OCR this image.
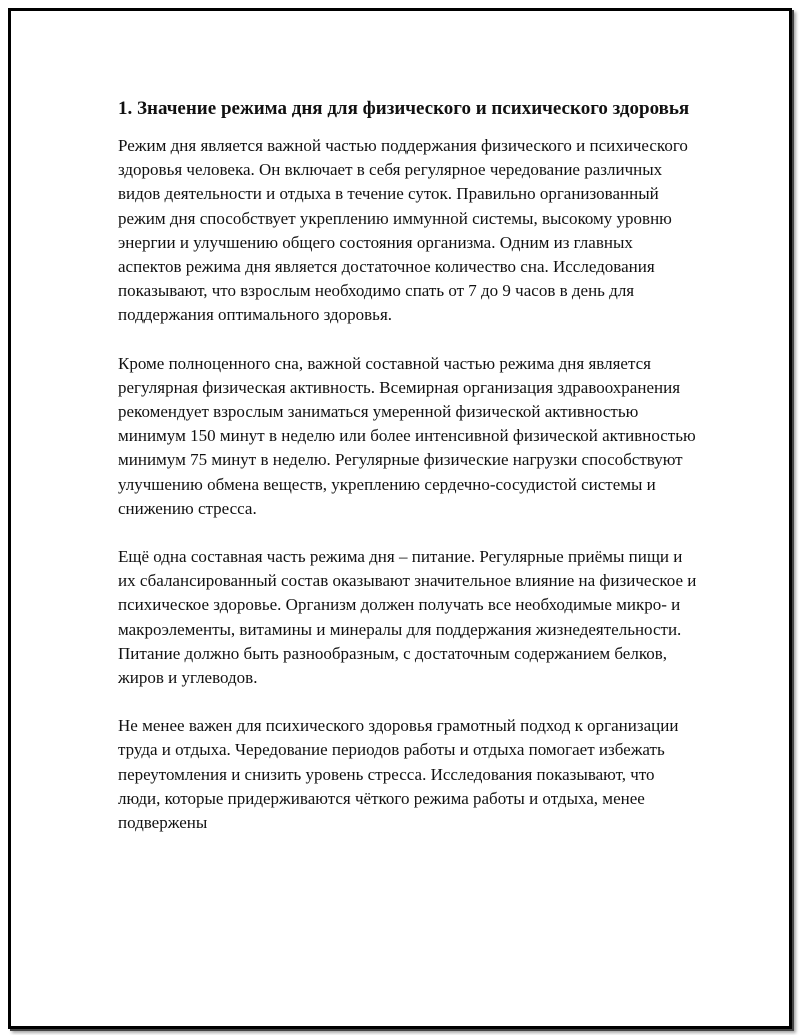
1. Значение режима дня для физического и психического здоровья

Режим дня является важной частью поддержания физического и психического здоровья человека. Он включает в себя регулярное чередование различных видов деятельности и отдыха в течение суток. Правильно организованный режим дня способствует укреплению иммунной системы, высокому уровню энергии и улучшению общего состояния организма. Одним из главных аспектов режима дня является достаточное количество сна. Исследования показывают, что взрослым необходимо спать от 7 до 9 часов в день для поддержания оптимального здоровья.

Кроме полноценного сна, важной составной частью режима дня является регулярная физическая активность. Всемирная организация здравоохранения рекомендует взрослым заниматься умеренной физической активностью минимум 150 минут в неделю или более интенсивной физической активностью минимум 75 минут в неделю. Регулярные физические нагрузки способствуют улучшению обмена веществ, укреплению сердечно-сосудистой системы и снижению стресса.

Ещё одна составная часть режима дня – питание. Регулярные приёмы пищи и их сбалансированный состав оказывают значительное влияние на физическое и психическое здоровье. Организм должен получать все необходимые микро- и макроэлементы, витамины и минералы для поддержания жизнедеятельности. Питание должно быть разнообразным, с достаточным содержанием белков, жиров и углеводов.

Не менее важен для психического здоровья грамотный подход к организации труда и отдыха. Чередование периодов работы и отдыха помогает избежать переутомления и снизить уровень стресса. Исследования показывают, что люди, которые придерживаются чёткого режима работы и отдыха, менее подвержены
